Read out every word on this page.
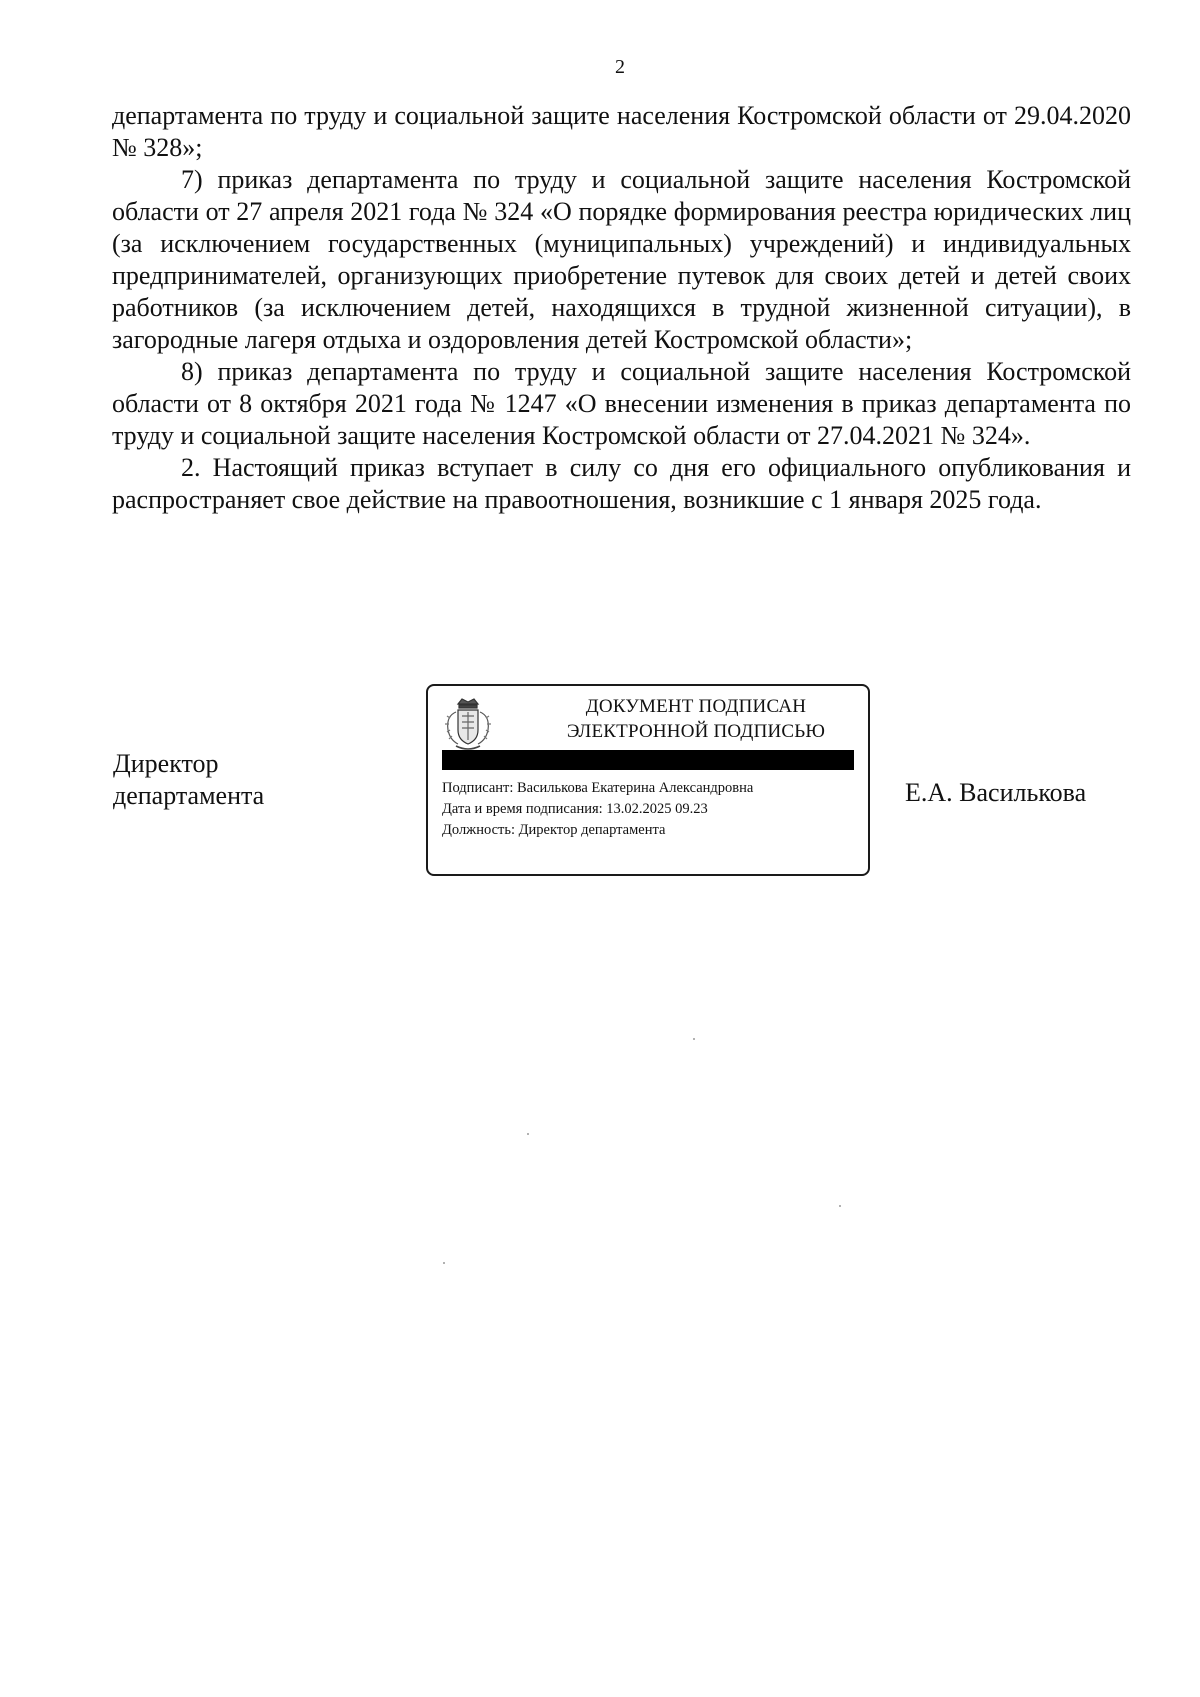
2

департамента по труду и социальной защите населения Костромской области от 29.04.2020 № 328»;

7) приказ департамента по труду и социальной защите населения Костромской области от 27 апреля 2021 года № 324 «О порядке формирования реестра юридических лиц (за исключением государственных (муниципальных) учреждений) и индивидуальных предпринимателей, организующих приобретение путевок для своих детей и детей своих работников (за исключением детей, находящихся в трудной жизненной ситуации), в загородные лагеря отдыха и оздоровления детей Костромской области»;

8) приказ департамента по труду и социальной защите населения Костромской области от 8 октября 2021 года № 1247 «О внесении изменения в приказ департамента по труду и социальной защите населения Костромской области от 27.04.2021 № 324».

2. Настоящий приказ вступает в силу со дня его официального опубликования и распространяет свое действие на правоотношения, возникшие с 1 января 2025 года.

Директор
департамента
ДОКУМЕНТ ПОДПИСАН
ЭЛЕКТРОННОЙ ПОДПИСЬЮ
Подписант: Василькова Екатерина Александровна
Дата и время подписания: 13.02.2025 09.23
Должность: Директор департамента
Е.А. Василькова
